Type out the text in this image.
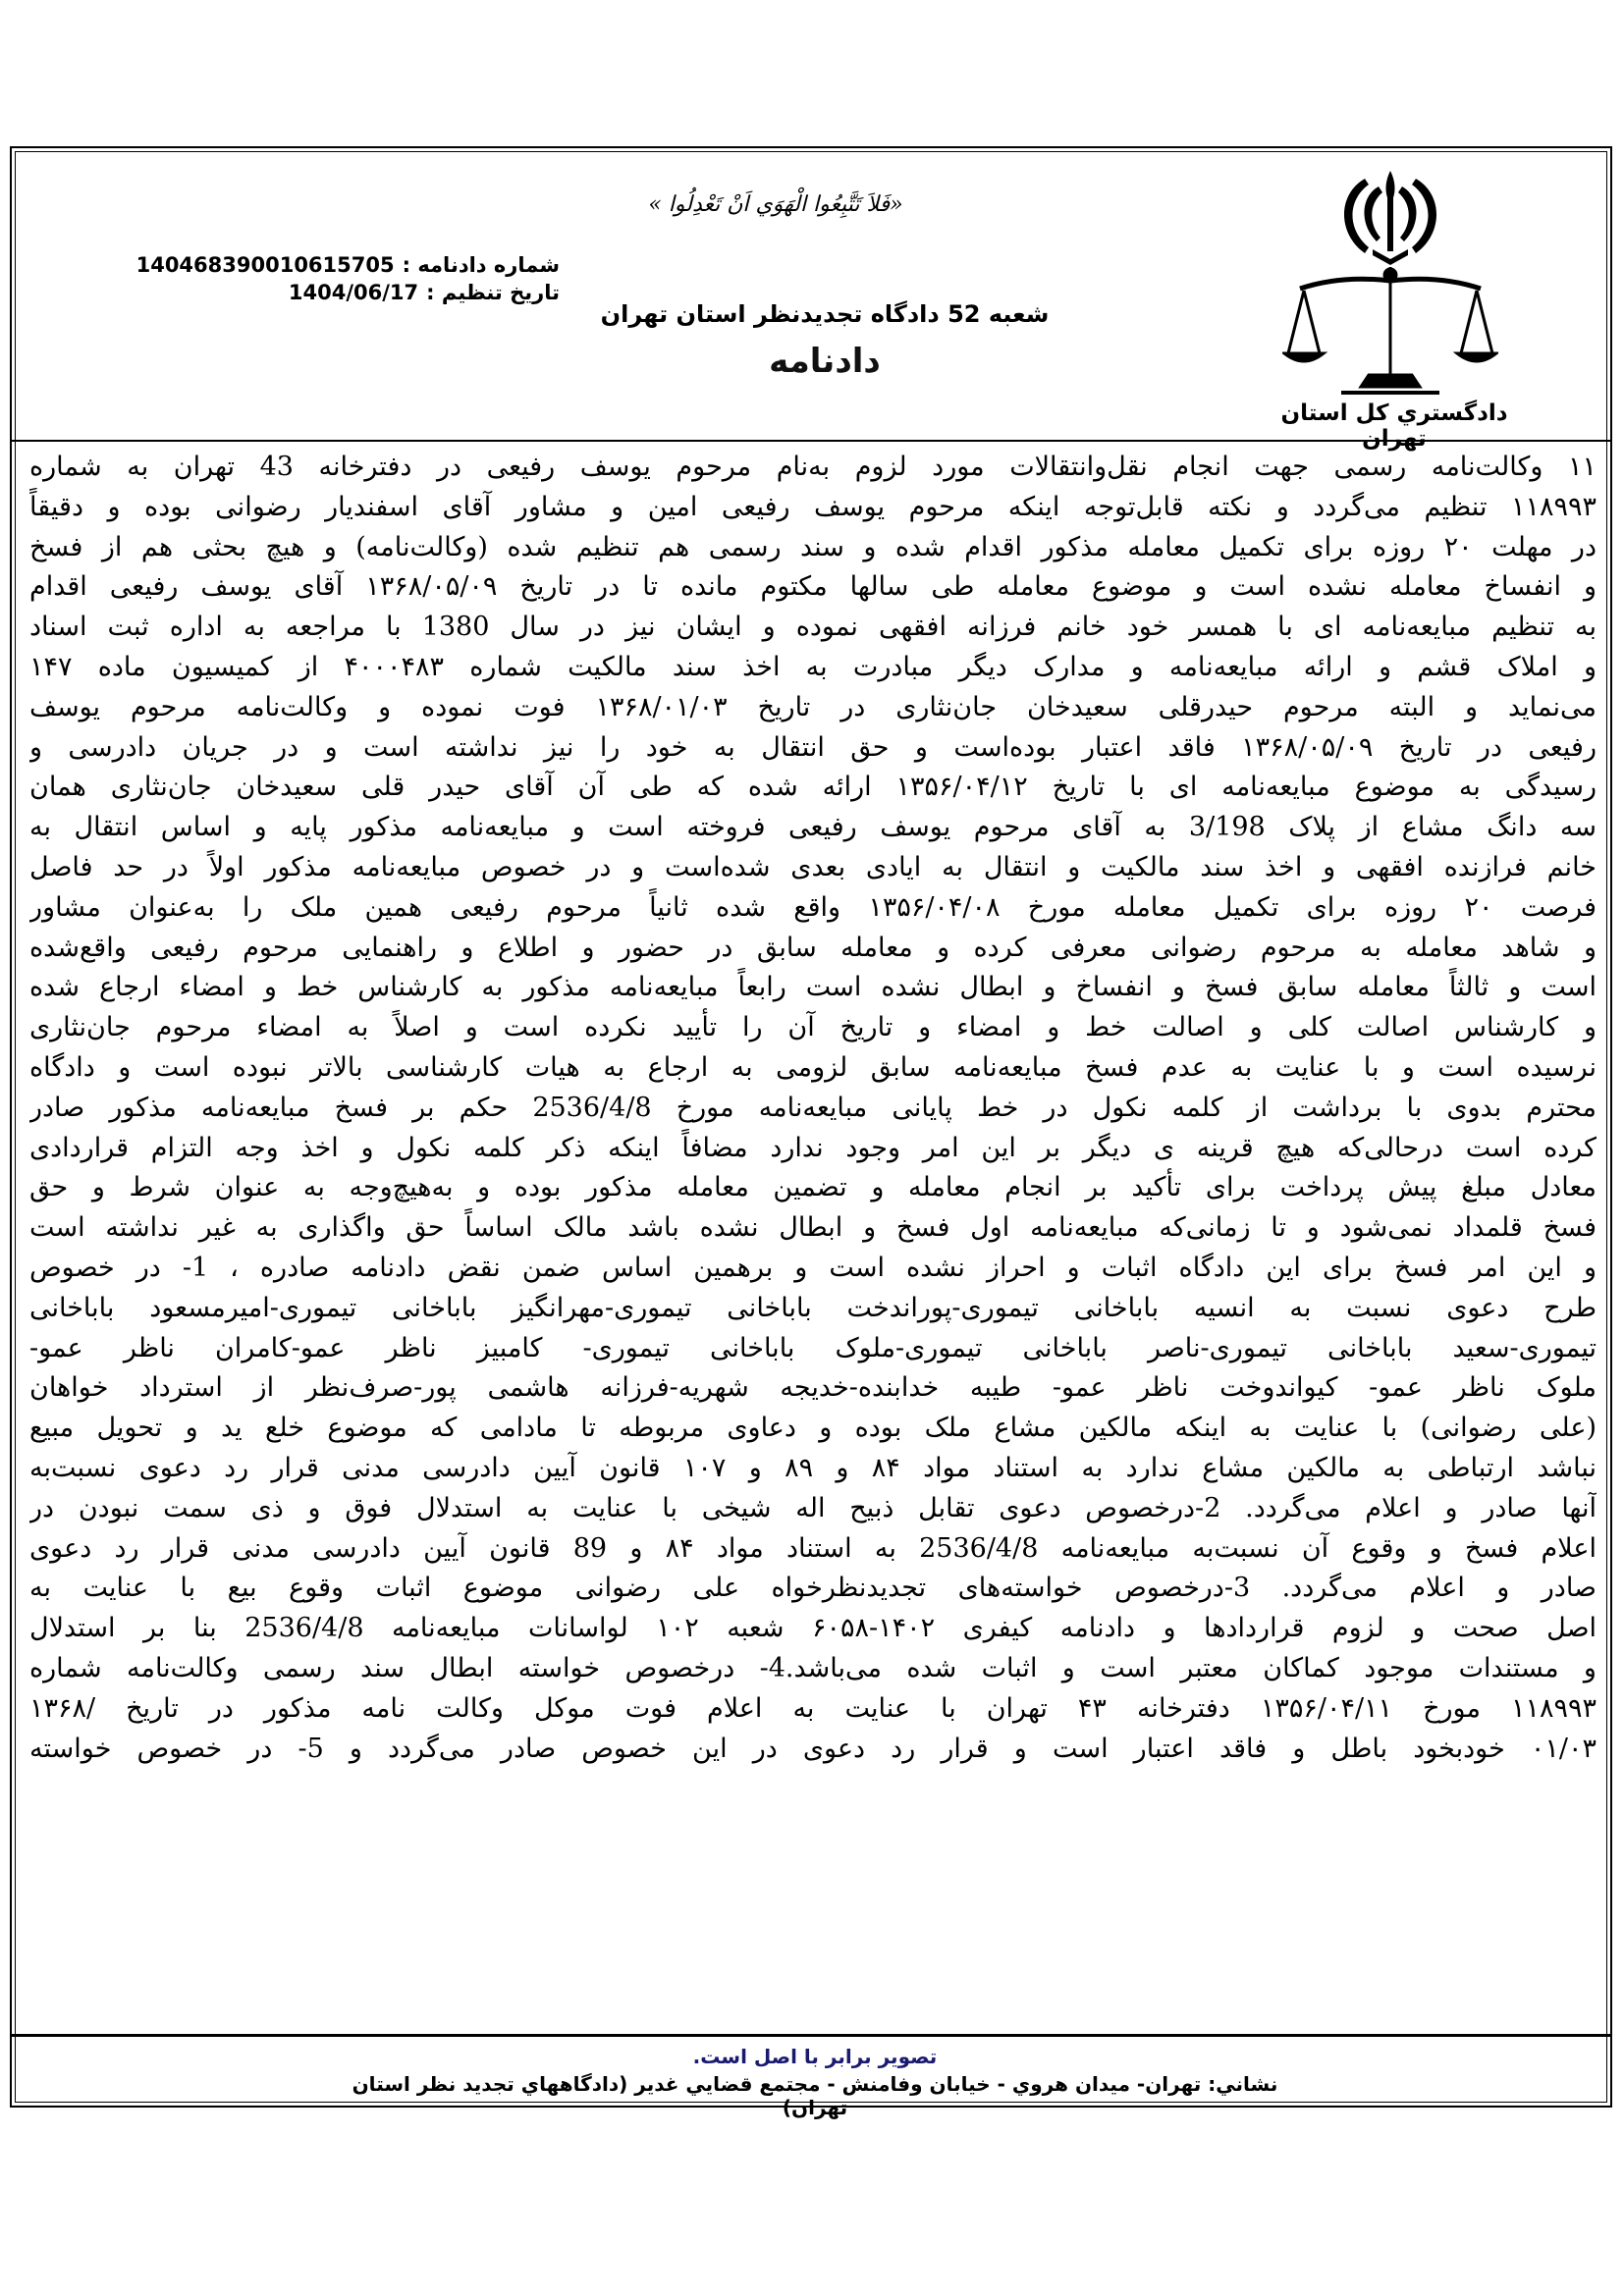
دادگستري کل استان تهران
«فَلاَ تَتَّبِعُوا الْهَوَي اَنْ تَعْدِلُوا »
شعبه 52 دادگاه تجديدنظر استان تهران
دادنامه
شماره دادنامه :
140468390010615705
تاریخ تنظیم :
1404/06/17
۱۱ وکالت‌نامه رسمی جهت انجام نقل‌وانتقالات مورد لزوم به‌نام مرحوم یوسف رفیعی در دفترخانه 43 تهران به شماره
۱۱۸۹۹۳ تنظیم می‌گردد و نکته قابل‌توجه اینکه مرحوم یوسف رفیعی امین و مشاور آقای اسفندیار رضوانی بوده و دقیقاً
در مهلت ۲۰ روزه برای تکمیل معامله مذکور اقدام شده و سند رسمی هم تنظیم شده (وکالت‌نامه) و هیچ بحثی هم از فسخ
و انفساخ معامله نشده است و موضوع معامله طی سالها مکتوم مانده تا در تاریخ ۱۳۶۸/۰۵/۰۹ آقای یوسف رفیعی اقدام
به تنظیم مبایعه‌نامه ای با همسر خود خانم فرزانه افقهی نموده و ایشان نیز در سال 1380 با مراجعه به اداره ثبت اسناد
و املاک قشم و ارائه مبایعه‌نامه و مدارک دیگر مبادرت به اخذ سند مالکیت شماره ۴۰۰۰۴۸۳ از کمیسیون ماده ۱۴۷
می‌نماید و البته مرحوم حیدرقلی سعیدخان جان‌نثاری در تاریخ ۱۳۶۸/۰۱/۰۳ فوت نموده و وکالت‌نامه مرحوم یوسف
رفیعی در تاریخ ۱۳۶۸/۰۵/۰۹ فاقد اعتبار بوده‌است و حق انتقال به خود را نیز نداشته است و در جریان دادرسی و
رسیدگی به موضوع مبایعه‌نامه ای با تاریخ ۱۳۵۶/۰۴/۱۲ ارائه شده که طی آن آقای حیدر قلی سعیدخان جان‌نثاری همان
سه دانگ مشاع از پلاک 3/198 به آقای مرحوم یوسف رفیعی فروخته است و مبایعه‌نامه مذکور پایه و اساس انتقال به
خانم فرازنده افقهی و اخذ سند مالکیت و انتقال به ایادی بعدی شده‌است و در خصوص مبایعه‌نامه مذکور اولاً در حد فاصل
فرصت ۲۰ روزه برای تکمیل معامله مورخ ۱۳۵۶/۰۴/۰۸ واقع شده ثانیاً مرحوم رفیعی همین ملک را به‌عنوان مشاور
و شاهد معامله به مرحوم رضوانی معرفی کرده و معامله سابق در حضور و اطلاع و راهنمایی مرحوم رفیعی واقع‌شده
است و ثالثاً معامله سابق فسخ و انفساخ و ابطال نشده است رابعاً مبایعه‌نامه مذکور به کارشناس خط و امضاء ارجاع شده
و کارشناس اصالت کلی و اصالت خط و امضاء و تاریخ آن را تأیید نکرده است و اصلاً به امضاء مرحوم جان‌نثاری
نرسیده است و با عنایت به عدم فسخ مبایعه‌نامه سابق لزومی به ارجاع به هیات کارشناسی بالاتر نبوده است و دادگاه
محترم بدوی با برداشت از کلمه نکول در خط پایانی مبایعه‌نامه مورخ 2536/4/8 حکم بر فسخ مبایعه‌نامه مذکور صادر
کرده است درحالی‌که هیچ قرینه ی دیگر بر این امر وجود ندارد مضافاً اینکه ذکر کلمه نکول و اخذ وجه التزام قراردادی
معادل مبلغ پیش پرداخت برای تأکید بر انجام معامله و تضمین معامله مذکور بوده و به‌هیچ‌وجه به عنوان شرط و حق
فسخ قلمداد نمی‌شود و تا زمانی‌که مبایعه‌نامه اول فسخ و ابطال نشده باشد مالک اساساً حق واگذاری به غیر نداشته است
و این امر فسخ برای این دادگاه اثبات و احراز نشده است و برهمین اساس ضمن نقض دادنامه صادره ، 1- در خصوص
طرح دعوی نسبت به انسیه باباخانی تیموری-پوراندخت باباخانی تیموری-مهرانگیز باباخانی تیموری-امیرمسعود باباخانی
تیموری-سعید باباخانی تیموری-ناصر باباخانی تیموری-ملوک باباخانی تیموری- کامبیز ناظر عمو-کامران ناظر عمو-
ملوک ناظر عمو- کیواندوخت ناظر عمو- طیبه خدابنده-خدیجه شهریه-فرزانه هاشمی پور-صرف‌نظر از استرداد خواهان
(علی رضوانی) با عنایت به اینکه مالکین مشاع ملک بوده و دعاوی مربوطه تا مادامی که موضوع خلع ید و تحویل مبیع
نباشد ارتباطی به مالکین مشاع ندارد به استناد مواد ۸۴ و ۸۹ و ۱۰۷ قانون آیین دادرسی مدنی قرار رد دعوی نسبت‌به
آنها صادر و اعلام می‌گردد. 2-درخصوص دعوی تقابل ذبیح اله شیخی با عنایت به استدلال فوق و ذی سمت نبودن در
اعلام فسخ و وقوع آن نسبت‌به مبایعه‌نامه 2536/4/8 به استناد مواد ۸۴ و 89 قانون آیین دادرسی مدنی قرار رد دعوی
صادر و اعلام می‌گردد. 3-درخصوص خواسته‌های تجدیدنظرخواه علی رضوانی موضوع اثبات وقوع بیع با عنایت به
اصل صحت و لزوم قراردادها و دادنامه کیفری ۱۴۰۲-۶۰۵۸ شعبه ۱۰۲ لواسانات مبایعه‌نامه 2536/4/8 بنا بر استدلال
و مستندات موجود کماکان معتبر است و اثبات شده می‌باشد.4- درخصوص خواسته ابطال سند رسمی وکالت‌نامه شماره
۱۱۸۹۹۳ مورخ ۱۳۵۶/۰۴/۱۱ دفترخانه ۴۳ تهران با عنایت به اعلام فوت موکل وکالت نامه مذکور در تاریخ /۱۳۶۸
۰۱/۰۳ خودبخود باطل و فاقد اعتبار است و قرار رد دعوی در این خصوص صادر می‌گردد و 5- در خصوص خواسته
تصوير برابر با اصل است.
نشاني: تهران- ميدان هروي - خيابان وفامنش - مجتمع قضايي غدير (دادگاههاي تجديد نظر استان تهران)
